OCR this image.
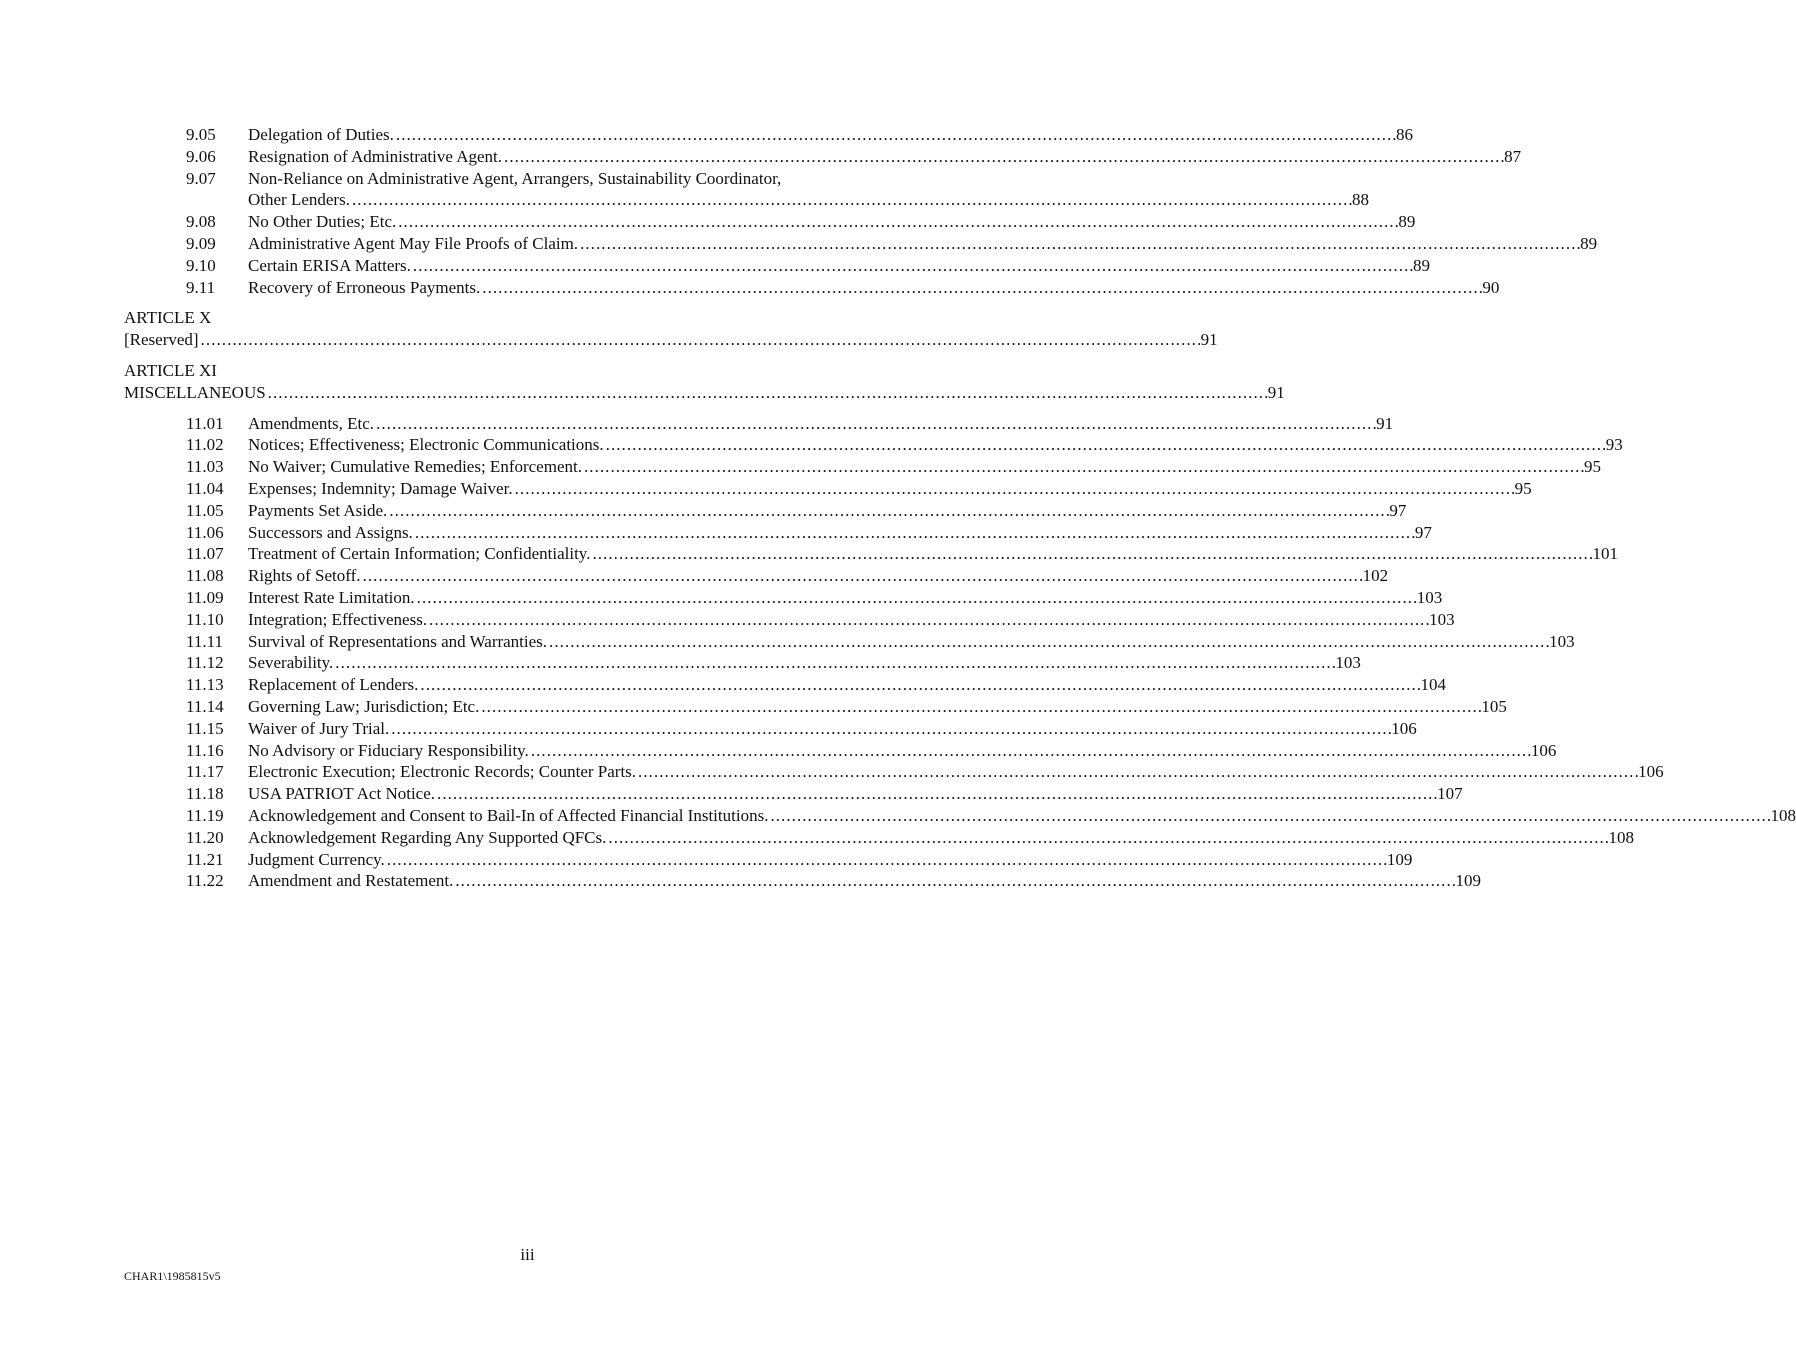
9.05 Delegation of Duties. . . .	86
9.06 Resignation of Administrative Agent. . . .	87
9.07 Non-Reliance on Administrative Agent, Arrangers, Sustainability Coordinator,
Other Lenders. . . .	88
9.08 No Other Duties; Etc. . . .	89
9.09 Administrative Agent May File Proofs of Claim. . . .	89
9.10 Certain ERISA Matters. . . .	89
9.11 Recovery of Erroneous Payments. . . .	90
ARTICLE X [Reserved] . . .	91
ARTICLE XI MISCELLANEOUS . . .	91
11.01 Amendments, Etc. . . .	91
11.02 Notices; Effectiveness; Electronic Communications. . . .	93
11.03 No Waiver; Cumulative Remedies; Enforcement. . . .	95
11.04 Expenses; Indemnity; Damage Waiver. . . .	95
11.05 Payments Set Aside. . . .	97
11.06 Successors and Assigns. . . .	97
11.07 Treatment of Certain Information; Confidentiality. . . .	101
11.08 Rights of Setoff. . . .	102
11.09 Interest Rate Limitation. . . .	103
11.10 Integration; Effectiveness. . . .	103
11.11 Survival of Representations and Warranties. . . .	103
11.12 Severability. . . .	103
11.13 Replacement of Lenders. . . .	104
11.14 Governing Law; Jurisdiction; Etc. . . .	105
11.15 Waiver of Jury Trial. . . .	106
11.16 No Advisory or Fiduciary Responsibility. . . .	106
11.17 Electronic Execution; Electronic Records; Counter Parts. . . .	106
11.18 USA PATRIOT Act Notice. . . .	107
11.19 Acknowledgement and Consent to Bail-In of Affected Financial Institutions. . . .	108
11.20 Acknowledgement Regarding Any Supported QFCs. . . .	108
11.21 Judgment Currency. . . .	109
11.22 Amendment and Restatement. . . .	109
iii
CHAR1\1985815v5
